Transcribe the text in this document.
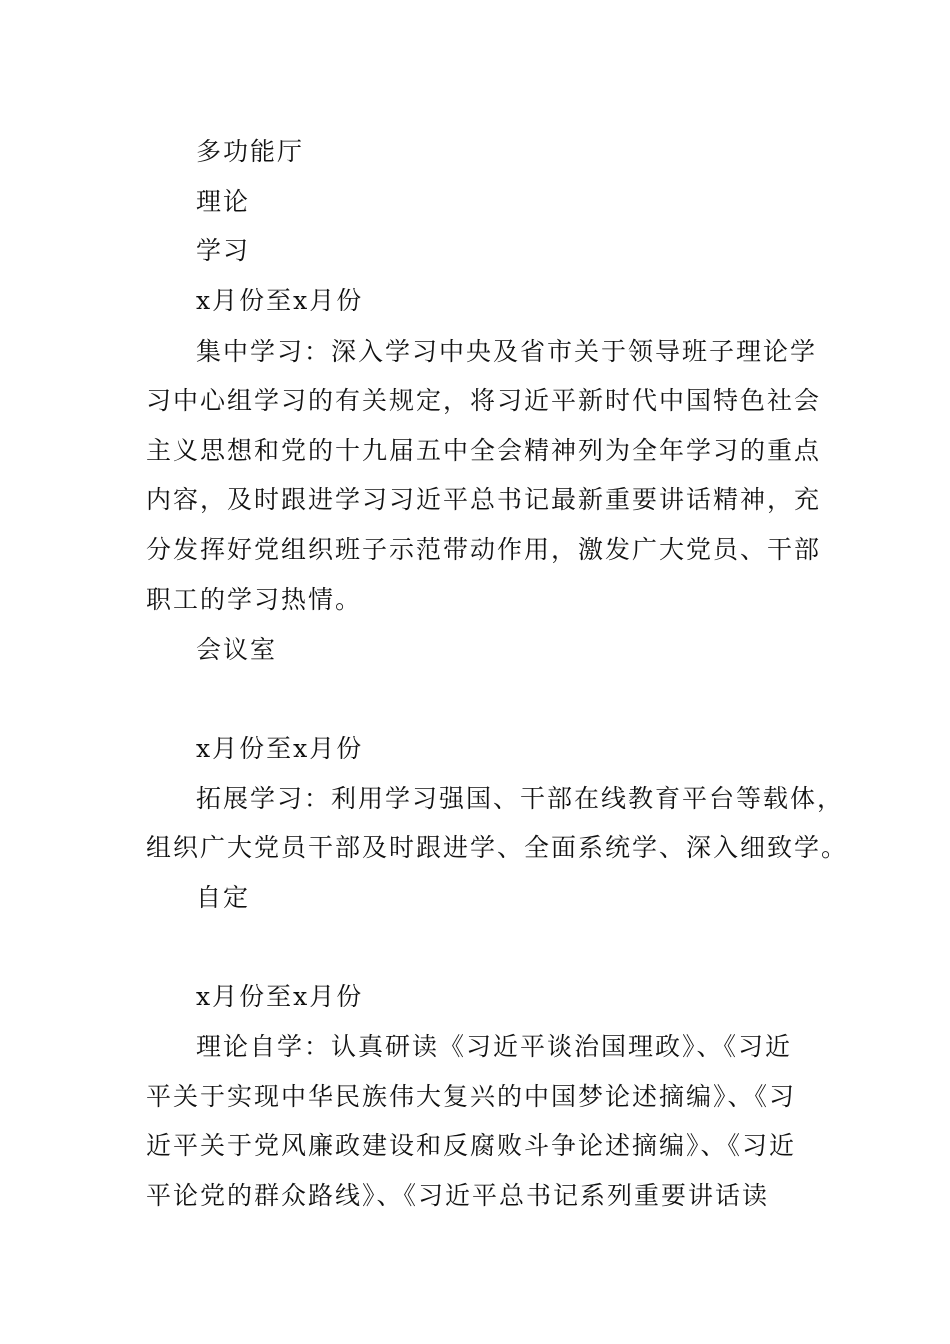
多功能厅
理论
学习
x月份至x月份
集中学习：深入学习中央及省市关于领导班子理论学
习中心组学习的有关规定，将习近平新时代中国特色社会
主义思想和党的十九届五中全会精神列为全年学习的重点
内容，及时跟进学习习近平总书记最新重要讲话精神，充
分发挥好党组织班子示范带动作用，激发广大党员、干部
职工的学习热情。
会议室
x月份至x月份
拓展学习：利用学习强国、干部在线教育平台等载体，
组织广大党员干部及时跟进学、全面系统学、深入细致学。
自定
x月份至x月份
理论自学：认真研读《习近平谈治国理政》、《习近
平关于实现中华民族伟大复兴的中国梦论述摘编》、《习
近平关于党风廉政建设和反腐败斗争论述摘编》、《习近
平论党的群众路线》、《习近平总书记系列重要讲话读
